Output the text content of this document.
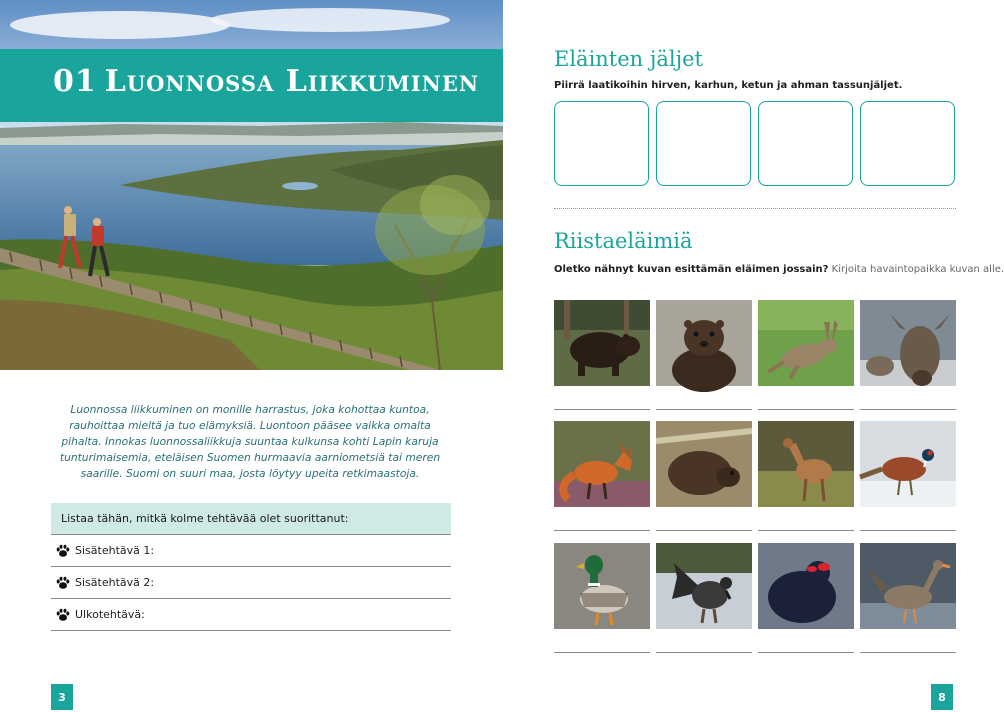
01 Luonnossa Liikkuminen

Luonnossa liikkuminen on monille harrastus, joka kohottaa kuntoa, rauhoittaa mieltä ja tuo elämyksiä. Luontoon pääsee vaikka omalta pihalta. Innokas luonnossaliikkuja suuntaa kulkunsa kohti Lapin karuja tunturimaisemia, eteläisen Suomen hurmaavia aarniometsiä tai meren saarille. Suomi on suuri maa, josta löytyy upeita retkimaastoja.

Listaa tähän, mitkä kolme tehtävää olet suorittanut:
Sisätehtävä 1:
Sisätehtävä 2:
Ulkotehtävä:
3
Eläinten jäljet
Piirrä laatikoihin hirven, karhun, ketun ja ahman tassunjäljet.
Riistaeläimiä
Oletko nähnyt kuvan esittämän eläimen jossain? Kirjoita havaintopaikka kuvan alle.
8
